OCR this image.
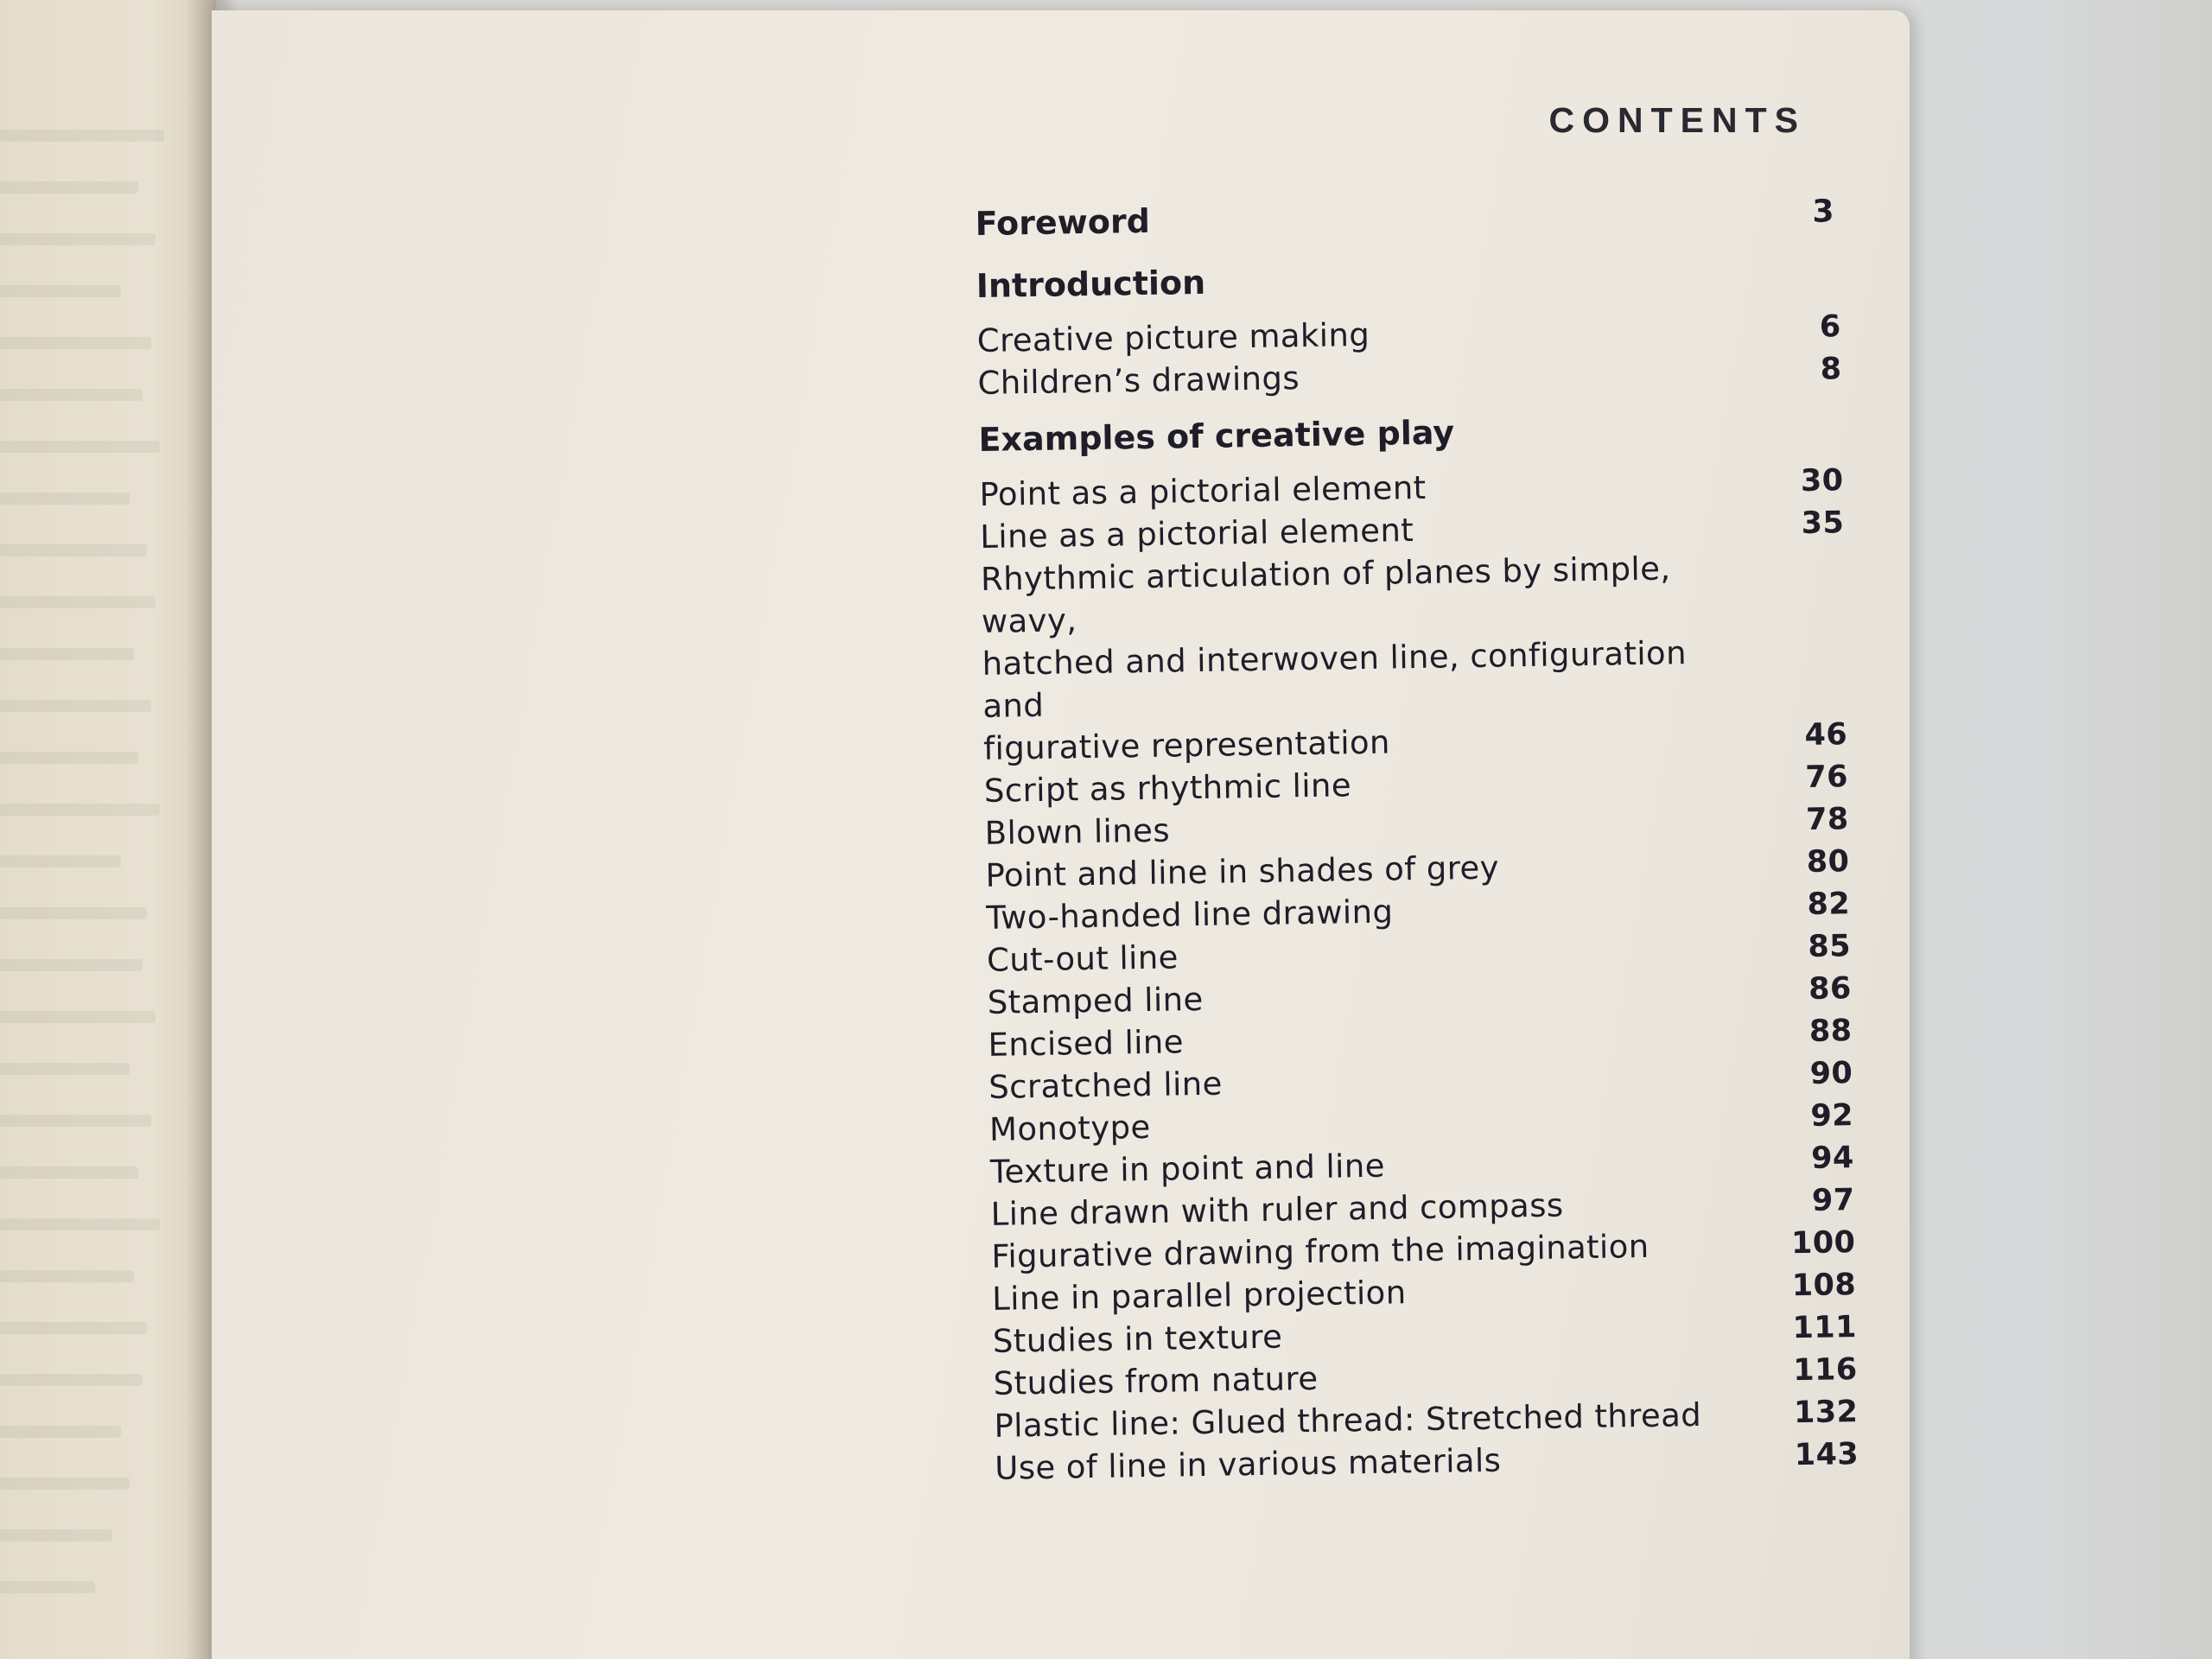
CONTENTS
Foreword	3
Introduction
Creative picture making	6
Children’s drawings	8
Examples of creative play
Point as a pictorial element	30
Line as a pictorial element	35
Rhythmic articulation of planes by simple, wavy,
hatched and interwoven line, configuration and
figurative representation	46
Script as rhythmic line	76
Blown lines	78
Point and line in shades of grey	80
Two-handed line drawing	82
Cut-out line	85
Stamped line	86
Encised line	88
Scratched line	90
Monotype	92
Texture in point and line	94
Line drawn with ruler and compass	97
Figurative drawing from the imagination	100
Line in parallel projection	108
Studies in texture	111
Studies from nature	116
Plastic line: Glued thread: Stretched thread	132
Use of line in various materials	143
